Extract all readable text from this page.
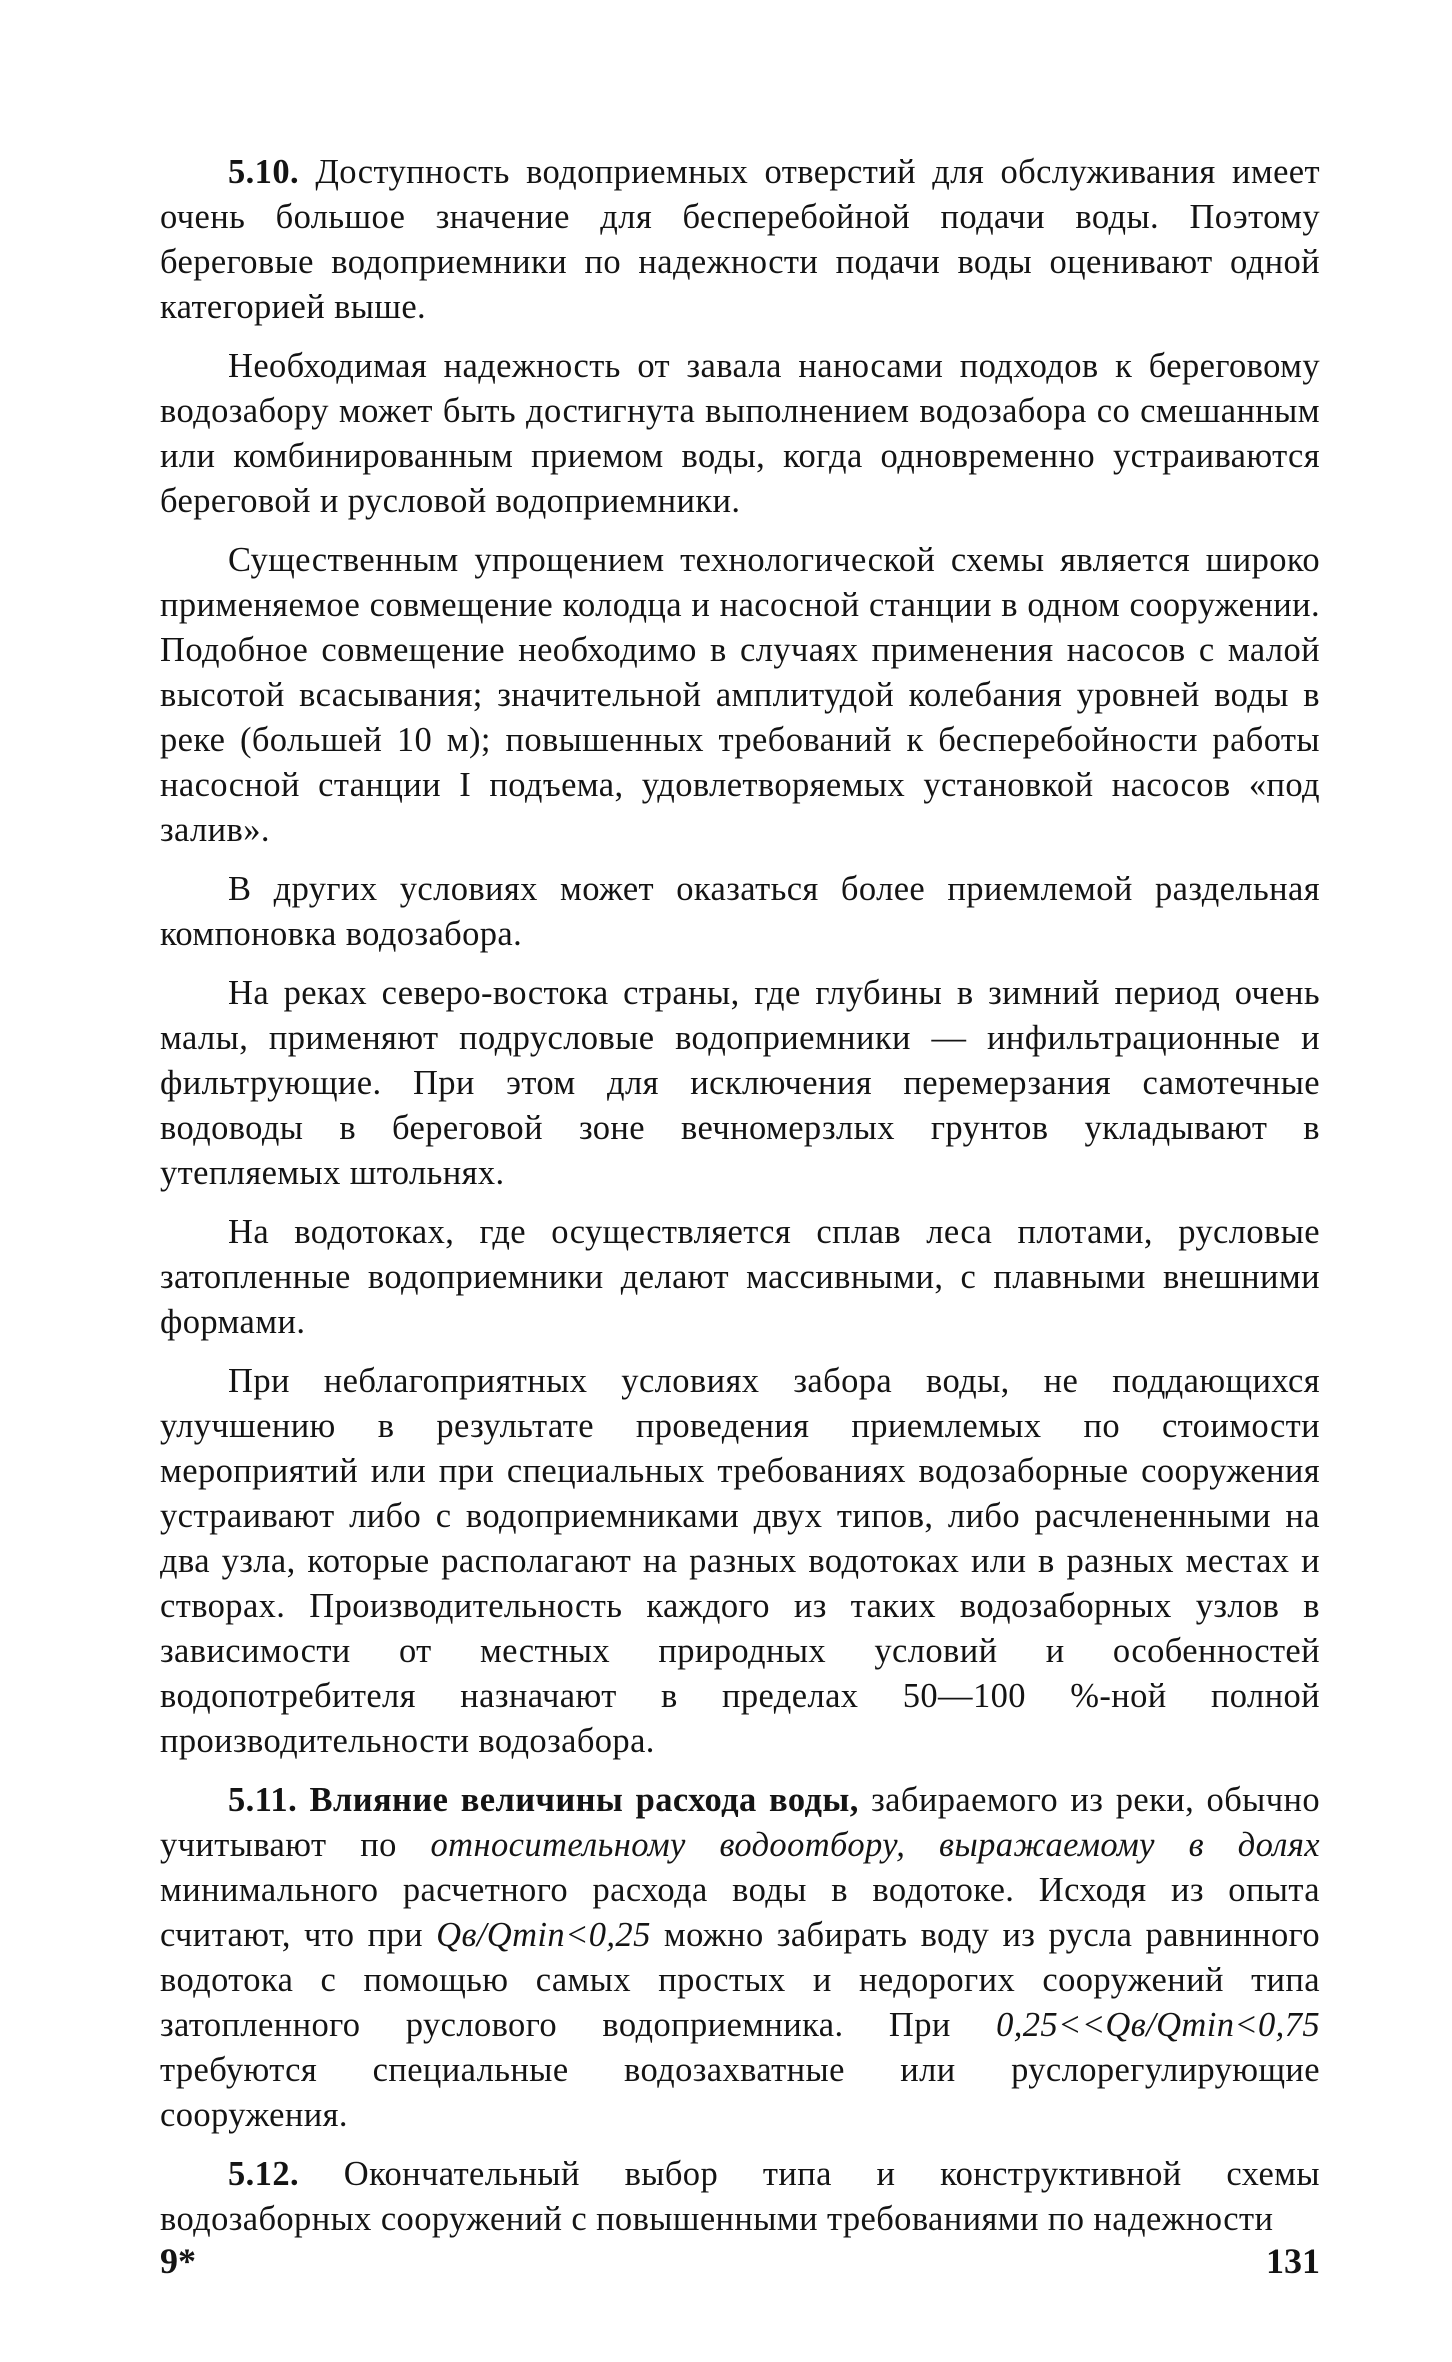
5.10. Доступность водоприемных отверстий для обслуживания имеет очень большое значение для бесперебойной подачи воды. Поэтому береговые водоприемники по надежности подачи воды оценивают одной категорией выше.

Необходимая надежность от завала наносами подходов к береговому водозабору может быть достигнута выполнением водозабора со смешанным или комбинированным приемом воды, когда одновременно устраиваются береговой и русловой водоприемники.

Существенным упрощением технологической схемы является широко применяемое совмещение колодца и насосной станции в одном сооружении. Подобное совмещение необходимо в случаях применения насосов с малой высотой всасывания; значительной амплитудой колебания уровней воды в реке (большей 10 м); повышенных требований к бесперебойности работы насосной станции I подъема, удовлетворяемых установкой насосов «под залив».

В других условиях может оказаться более приемлемой раздельная компоновка водозабора.

На реках северо-востока страны, где глубины в зимний период очень малы, применяют подрусловые водоприемники — инфильтрационные и фильтрующие. При этом для исключения перемерзания самотечные водоводы в береговой зоне вечномерзлых грунтов укладывают в утепляемых штольнях.

На водотоках, где осуществляется сплав леса плотами, русловые затопленные водоприемники делают массивными, с плавными внешними формами.

При неблагоприятных условиях забора воды, не поддающихся улучшению в результате проведения приемлемых по стоимости мероприятий или при специальных требованиях водозаборные сооружения устраивают либо с водоприемниками двух типов, либо расчлененными на два узла, которые располагают на разных водотоках или в разных местах и створах. Производительность каждого из таких водозаборных узлов в зависимости от местных природных условий и особенностей водопотребителя назначают в пределах 50—100 %-ной полной производительности водозабора.

5.11. Влияние величины расхода воды, забираемого из реки, обычно учитывают по относительному водоотбору, выражаемому в долях минимального расчетного расхода воды в водотоке. Исходя из опыта считают, что при Qв/Qmin<0,25 можно забирать воду из русла равнинного водотока с помощью самых простых и недорогих сооружений типа затопленного руслового водоприемника. При 0,25<<Qв/Qmin<0,75 требуются специальные водозахватные или руслорегулирующие сооружения.

5.12. Окончательный выбор типа и конструктивной схемы водозаборных сооружений с повышенными требованиями по надежности

9*	131
